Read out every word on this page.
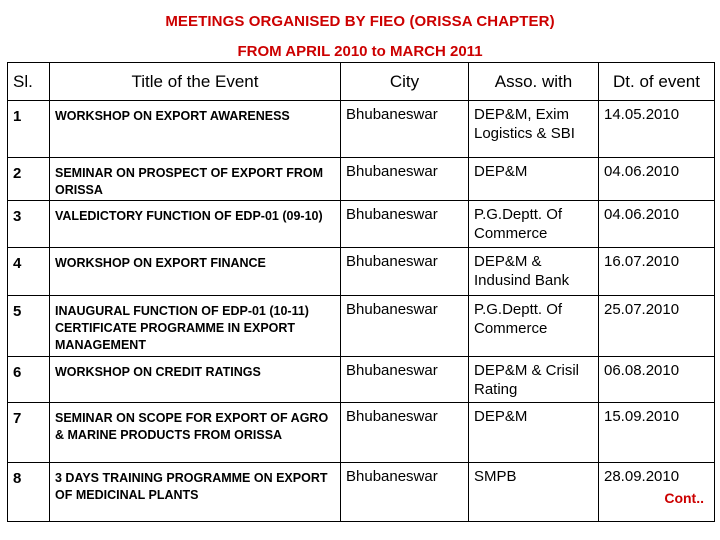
MEETINGS ORGANISED BY FIEO (ORISSA CHAPTER)
FROM APRIL 2010 to MARCH 2011
Sl.	Title of the Event	City	Asso. with	Dt. of event
1	WORKSHOP ON EXPORT AWARENESS	Bhubaneswar	DEP&M, Exim Logistics & SBI	14.05.2010
2	SEMINAR ON PROSPECT OF EXPORT FROM ORISSA	Bhubaneswar	DEP&M	04.06.2010
3	VALEDICTORY FUNCTION OF EDP-01 (09-10)	Bhubaneswar	P.G.Deptt. Of Commerce	04.06.2010
4	WORKSHOP ON EXPORT FINANCE	Bhubaneswar	DEP&M & Indusind Bank	16.07.2010
5	INAUGURAL FUNCTION OF EDP-01 (10-11) CERTIFICATE PROGRAMME IN EXPORT MANAGEMENT	Bhubaneswar	P.G.Deptt. Of Commerce	25.07.2010
6	WORKSHOP ON CREDIT RATINGS	Bhubaneswar	DEP&M & Crisil Rating	06.08.2010
7	SEMINAR ON SCOPE FOR EXPORT OF AGRO & MARINE PRODUCTS FROM ORISSA	Bhubaneswar	DEP&M	15.09.2010
8	3 DAYS TRAINING PROGRAMME ON EXPORT OF MEDICINAL PLANTS	Bhubaneswar	SMPB	28.09.2010
Cont..
